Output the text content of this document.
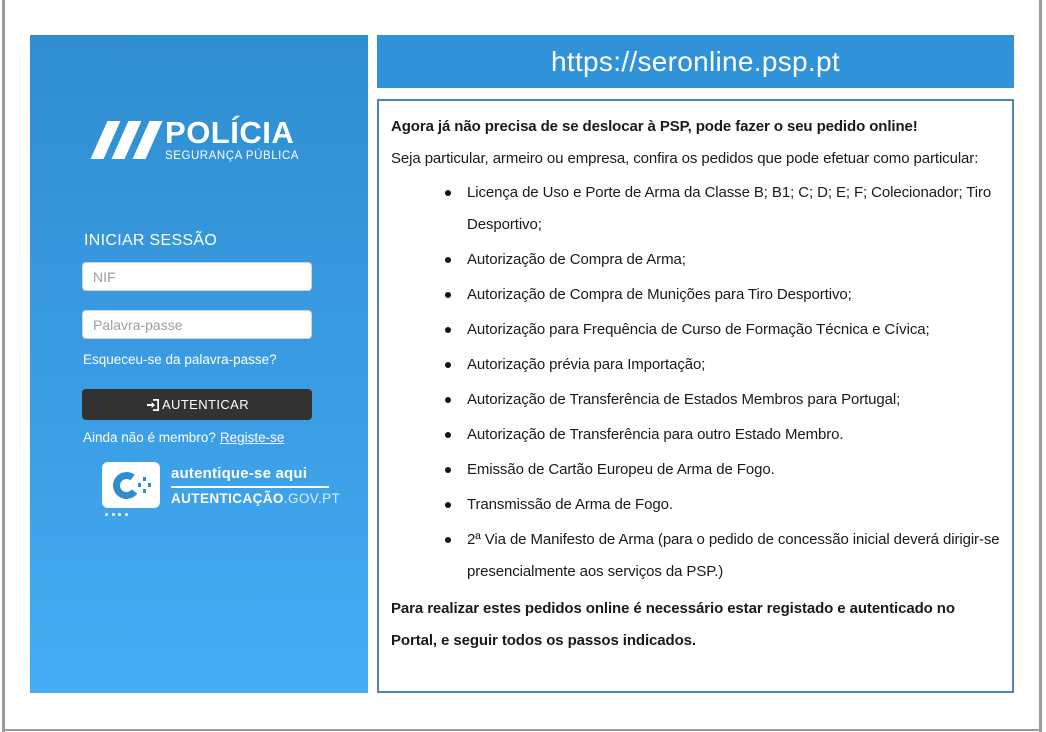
POLÍCIA
SEGURANÇA PÚBLICA
INICIAR SESSÃO
NIF
Esqueceu-se da palavra-passe?
AUTENTICAR
Ainda não é membro? Registe-se
autentique-se aqui
AUTENTICAÇÃO.GOV.PT
https://seronline.psp.pt

Agora já não precisa de se deslocar à PSP, pode fazer o seu pedido online!

Seja particular, armeiro ou empresa, confira os pedidos que pode efetuar como particular:

Licença de Uso e Porte de Arma da Classe B; B1; C; D; E; F; Colecionador; Tiro Desportivo;
Autorização de Compra de Arma;
Autorização de Compra de Munições para Tiro Desportivo;
Autorização para Frequência de Curso de Formação Técnica e Cívica;
Autorização prévia para Importação;
Autorização de Transferência de Estados Membros para Portugal;
Autorização de Transferência para outro Estado Membro.
Emissão de Cartão Europeu de Arma de Fogo.
Transmissão de Arma de Fogo.
2ª Via de Manifesto de Arma (para o pedido de concessão inicial deverá dirigir-se presencialmente aos serviços da PSP.)

Para realizar estes pedidos online é necessário estar registado e autenticado no Portal, e seguir todos os passos indicados.
